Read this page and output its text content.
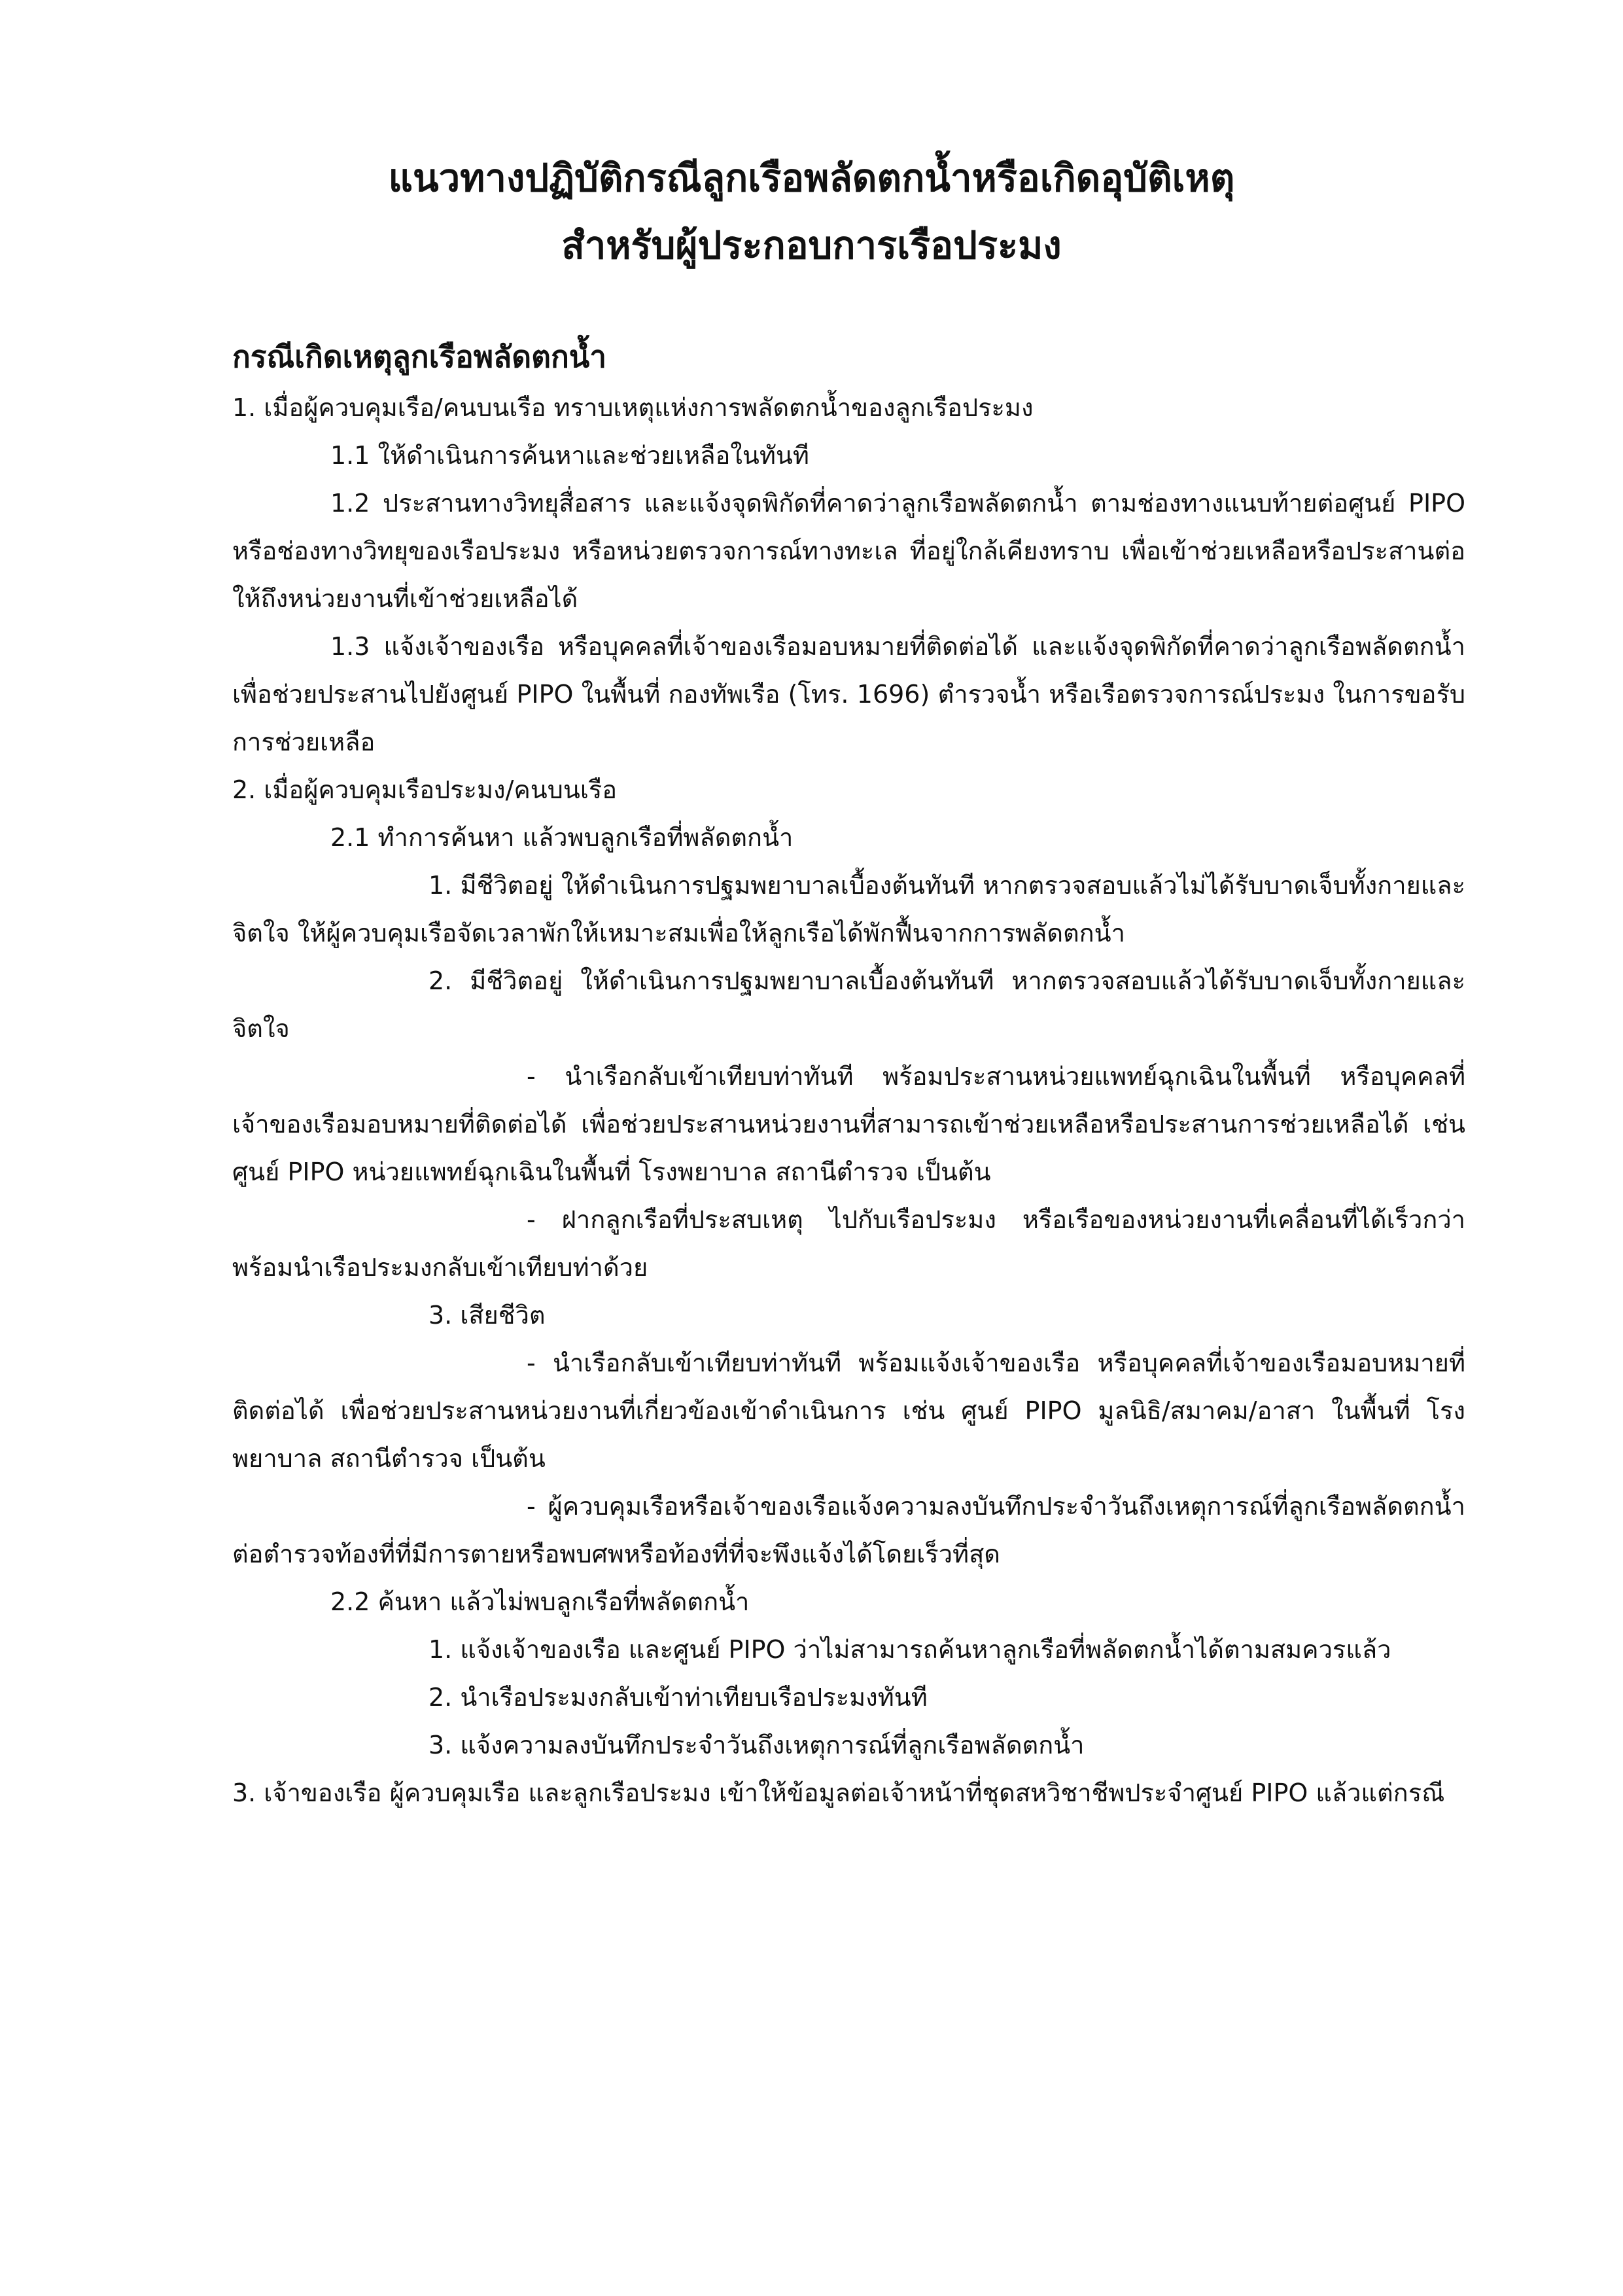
แนวทางปฏิบัติกรณีลูกเรือพลัดตกน้ำหรือเกิดอุบัติเหตุ
สำหรับผู้ประกอบการเรือประมง
กรณีเกิดเหตุลูกเรือพลัดตกน้ำ

1. เมื่อผู้ควบคุมเรือ/คนบนเรือ ทราบเหตุแห่งการพลัดตกน้ำของลูกเรือประมง

1.1 ให้ดำเนินการค้นหาและช่วยเหลือในทันที

1.2 ประสานทางวิทยุสื่อสาร และแจ้งจุดพิกัดที่คาดว่าลูกเรือพลัดตกน้ำ ตามช่องทางแนบท้ายต่อศูนย์ PIPO หรือช่องทางวิทยุของเรือประมง หรือหน่วยตรวจการณ์ทางทะเล ที่อยู่ใกล้เคียงทราบ เพื่อเข้าช่วยเหลือหรือประสานต่อให้ถึงหน่วยงานที่เข้าช่วยเหลือได้

1.3 แจ้งเจ้าของเรือ หรือบุคคลที่เจ้าของเรือมอบหมายที่ติดต่อได้ และแจ้งจุดพิกัดที่คาดว่าลูกเรือพลัดตกน้ำ เพื่อช่วยประสานไปยังศูนย์ PIPO ในพื้นที่ กองทัพเรือ (โทร. 1696) ตำรวจน้ำ หรือเรือตรวจการณ์ประมง ในการขอรับการช่วยเหลือ

2. เมื่อผู้ควบคุมเรือประมง/คนบนเรือ

2.1 ทำการค้นหา แล้วพบลูกเรือที่พลัดตกน้ำ

1. มีชีวิตอยู่ ให้ดำเนินการปฐมพยาบาลเบื้องต้นทันที หากตรวจสอบแล้วไม่ได้รับบาดเจ็บทั้งกายและจิตใจ ให้ผู้ควบคุมเรือจัดเวลาพักให้เหมาะสมเพื่อให้ลูกเรือได้พักฟื้นจากการพลัดตกน้ำ

2. มีชีวิตอยู่ ให้ดำเนินการปฐมพยาบาลเบื้องต้นทันที หากตรวจสอบแล้วได้รับบาดเจ็บทั้งกายและจิตใจ

- นำเรือกลับเข้าเทียบท่าทันที พร้อมประสานหน่วยแพทย์ฉุกเฉินในพื้นที่ หรือบุคคลที่เจ้าของเรือมอบหมายที่ติดต่อได้ เพื่อช่วยประสานหน่วยงานที่สามารถเข้าช่วยเหลือหรือประสานการช่วยเหลือได้ เช่น ศูนย์ PIPO หน่วยแพทย์ฉุกเฉินในพื้นที่ โรงพยาบาล สถานีตำรวจ เป็นต้น

- ฝากลูกเรือที่ประสบเหตุ ไปกับเรือประมง หรือเรือของหน่วยงานที่เคลื่อนที่ได้เร็วกว่า พร้อมนำเรือประมงกลับเข้าเทียบท่าด้วย

3. เสียชีวิต

- นำเรือกลับเข้าเทียบท่าทันที พร้อมแจ้งเจ้าของเรือ หรือบุคคลที่เจ้าของเรือมอบหมายที่ติดต่อได้ เพื่อช่วยประสานหน่วยงานที่เกี่ยวข้องเข้าดำเนินการ เช่น ศูนย์ PIPO มูลนิธิ/สมาคม/อาสา ในพื้นที่ โรงพยาบาล สถานีตำรวจ เป็นต้น

- ผู้ควบคุมเรือหรือเจ้าของเรือแจ้งความลงบันทึกประจำวันถึงเหตุการณ์ที่ลูกเรือพลัดตกน้ำต่อตำรวจท้องที่ที่มีการตายหรือพบศพหรือท้องที่ที่จะพึงแจ้งได้โดยเร็วที่สุด

2.2 ค้นหา แล้วไม่พบลูกเรือที่พลัดตกน้ำ

1. แจ้งเจ้าของเรือ และศูนย์ PIPO ว่าไม่สามารถค้นหาลูกเรือที่พลัดตกน้ำได้ตามสมควรแล้ว

2. นำเรือประมงกลับเข้าท่าเทียบเรือประมงทันที

3. แจ้งความลงบันทึกประจำวันถึงเหตุการณ์ที่ลูกเรือพลัดตกน้ำ

3. เจ้าของเรือ ผู้ควบคุมเรือ และลูกเรือประมง เข้าให้ข้อมูลต่อเจ้าหน้าที่ชุดสหวิชาชีพประจำศูนย์ PIPO แล้วแต่กรณี
